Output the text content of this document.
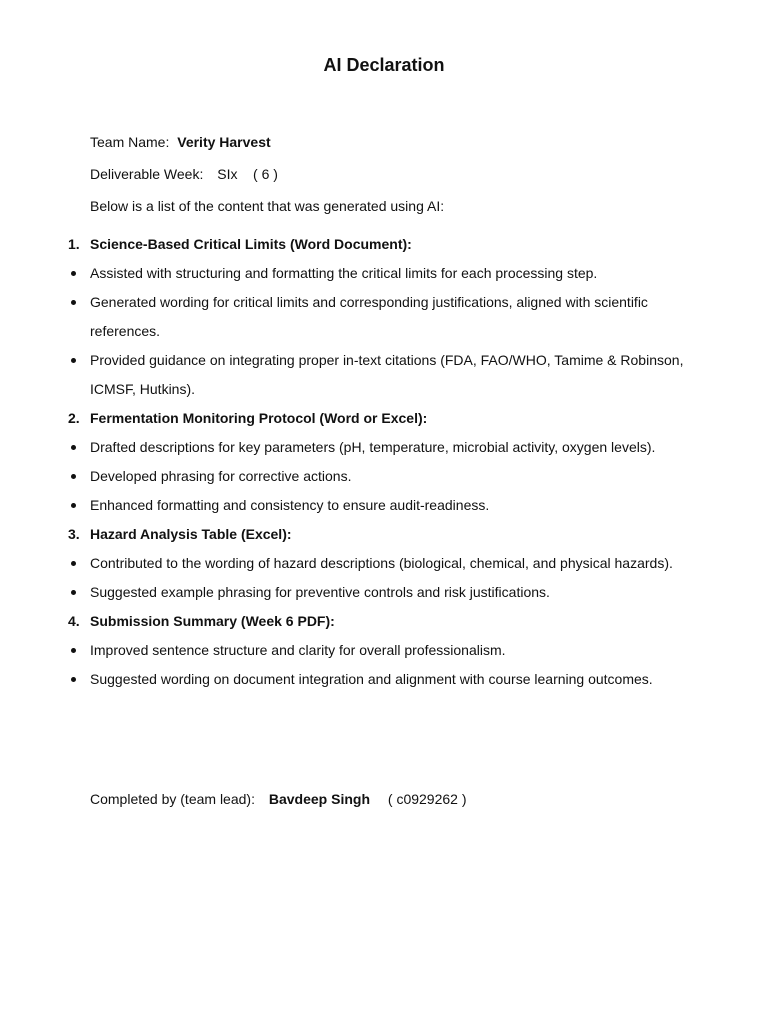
AI Declaration
Team Name: Verity Harvest
Deliverable Week: SIx    ( 6 )
Below is a list of the content that was generated using AI:
1. Science-Based Critical Limits (Word Document):
Assisted with structuring and formatting the critical limits for each processing step.
Generated wording for critical limits and corresponding justifications, aligned with scientific references.
Provided guidance on integrating proper in-text citations (FDA, FAO/WHO, Tamime & Robinson, ICMSF, Hutkins).
2. Fermentation Monitoring Protocol (Word or Excel):
Drafted descriptions for key parameters (pH, temperature, microbial activity, oxygen levels).
Developed phrasing for corrective actions.
Enhanced formatting and consistency to ensure audit-readiness.
3. Hazard Analysis Table (Excel):
Contributed to the wording of hazard descriptions (biological, chemical, and physical hazards).
Suggested example phrasing for preventive controls and risk justifications.
4. Submission Summary (Week 6 PDF):
Improved sentence structure and clarity for overall professionalism.
Suggested wording on document integration and alignment with course learning outcomes.
Completed by (team lead): Bavdeep Singh ( c0929262 )
